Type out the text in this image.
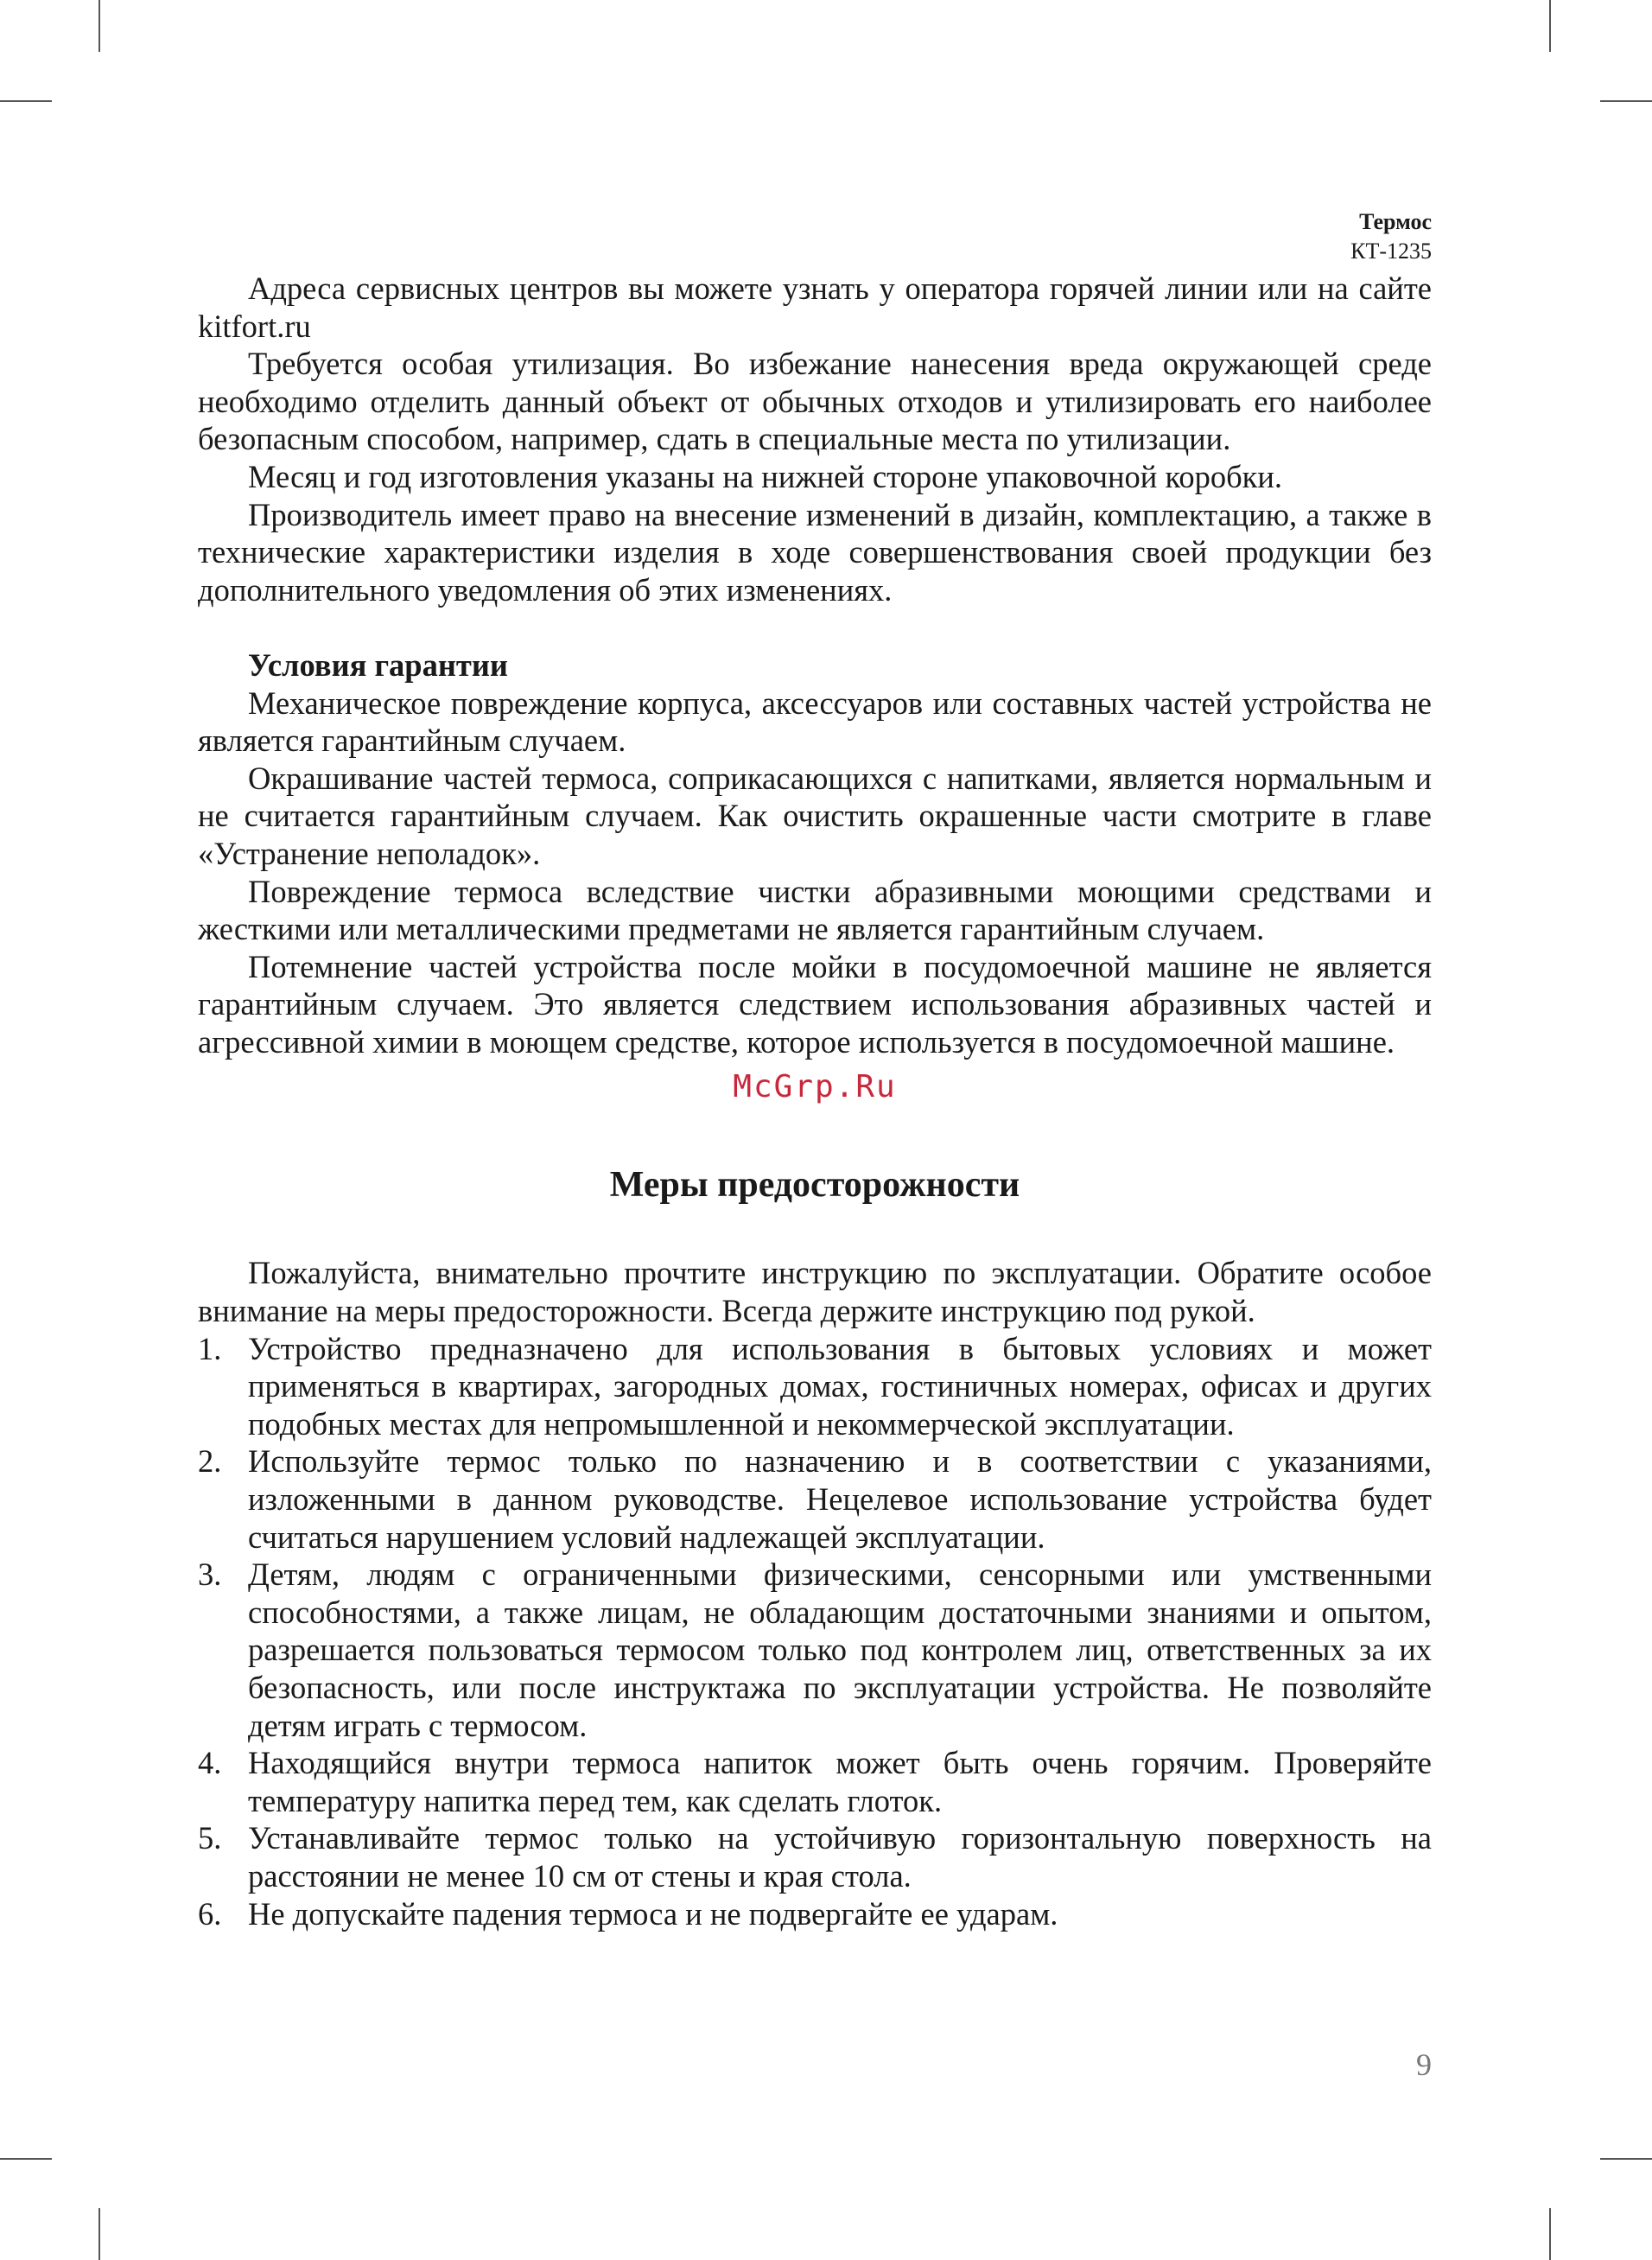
Термос
КТ-1235

Адреса сервисных центров вы можете узнать у оператора горячей линии или на сайте kitfort.ru

Требуется особая утилизация. Во избежание нанесения вреда окружающей среде необходимо отделить данный объект от обычных отходов и утилизировать его наиболее безопасным способом, например, сдать в специальные места по утилизации.

Месяц и год изготовления указаны на нижней стороне упаковочной коробки.

Производитель имеет право на внесение изменений в дизайн, комплектацию, а также в технические характеристики изделия в ходе совершенствования своей продукции без дополнительного уведомления об этих изменениях.

Условия гарантии

Механическое повреждение корпуса, аксессуаров или составных частей устройства не является гарантийным случаем.

Окрашивание частей термоса, соприкасающихся с напитками, является нормальным и не считается гарантийным случаем. Как очистить окрашенные части смотрите в главе «Устранение неполадок».

Повреждение термоса вследствие чистки абразивными моющими средствами и жесткими или металлическими предметами не является гарантийным случаем.

Потемнение частей устройства после мойки в посудомоечной машине не является гарантийным случаем. Это является следствием использования абразивных частей и агрессивной химии в моющем средстве, которое используется в посудомоечной машине.

McGrp.Ru
Меры предосторожности

Пожалуйста, внимательно прочтите инструкцию по эксплуатации. Обратите особое внимание на меры предосторожности. Всегда держите инструкцию под рукой.

1. Устройство предназначено для использования в бытовых условиях и может применяться в квартирах, загородных домах, гостиничных номерах, офисах и других подобных местах для непромышленной и некоммерческой эксплуатации.
2. Используйте термос только по назначению и в соответствии с указаниями, изложенными в данном руководстве. Нецелевое использование устройства будет считаться нарушением условий надлежащей эксплуатации.
3. Детям, людям с ограниченными физическими, сенсорными или умственными способностями, а также лицам, не обладающим достаточными знаниями и опытом, разрешается пользоваться термосом только под контролем лиц, ответственных за их безопасность, или после инструктажа по эксплуатации устройства. Не позволяйте детям играть с термосом.
4. Находящийся внутри термоса напиток может быть очень горячим. Проверяйте температуру напитка перед тем, как сделать глоток.
5. Устанавливайте термос только на устойчивую горизонтальную поверхность на расстоянии не менее 10 см от стены и края стола.
6. Не допускайте падения термоса и не подвергайте ее ударам.
9
